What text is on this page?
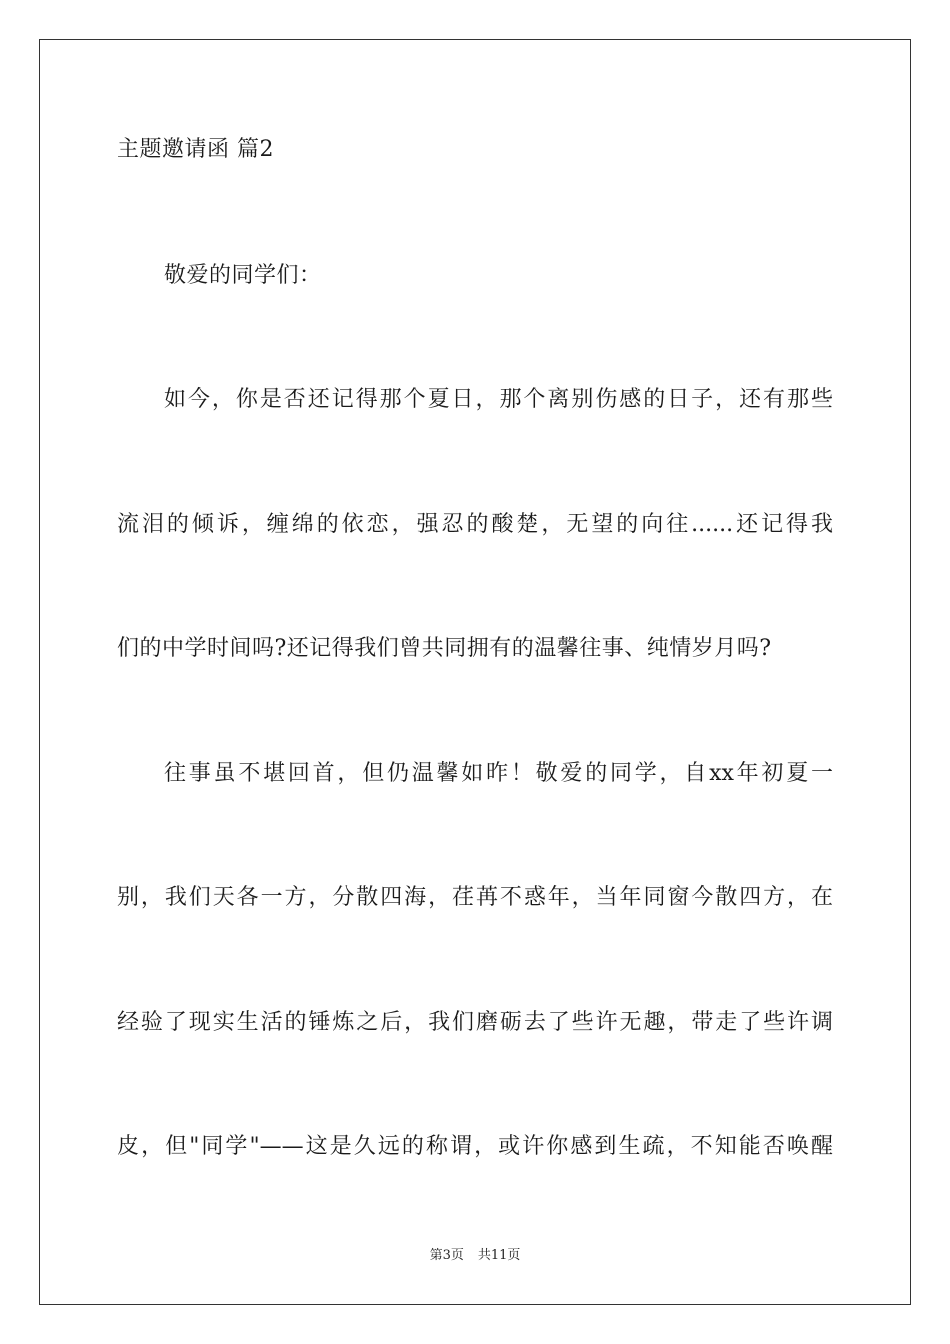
主题邀请函 篇2
敬爱的同学们：
如今，你是否还记得那个夏日，那个离别伤感的日子，还有那些
流泪的倾诉，缠绵的依恋，强忍的酸楚，无望的向往......还记得我
们的中学时间吗?还记得我们曾共同拥有的温馨往事、纯情岁月吗?
往事虽不堪回首，但仍温馨如昨！敬爱的同学，自xx年初夏一
别，我们天各一方，分散四海，荏苒不惑年，当年同窗今散四方，在
经验了现实生活的锤炼之后，我们磨砺去了些许无趣，带走了些许调
皮，但"同学"——这是久远的称谓，或许你感到生疏，不知能否唤醒
第3页 共11页
